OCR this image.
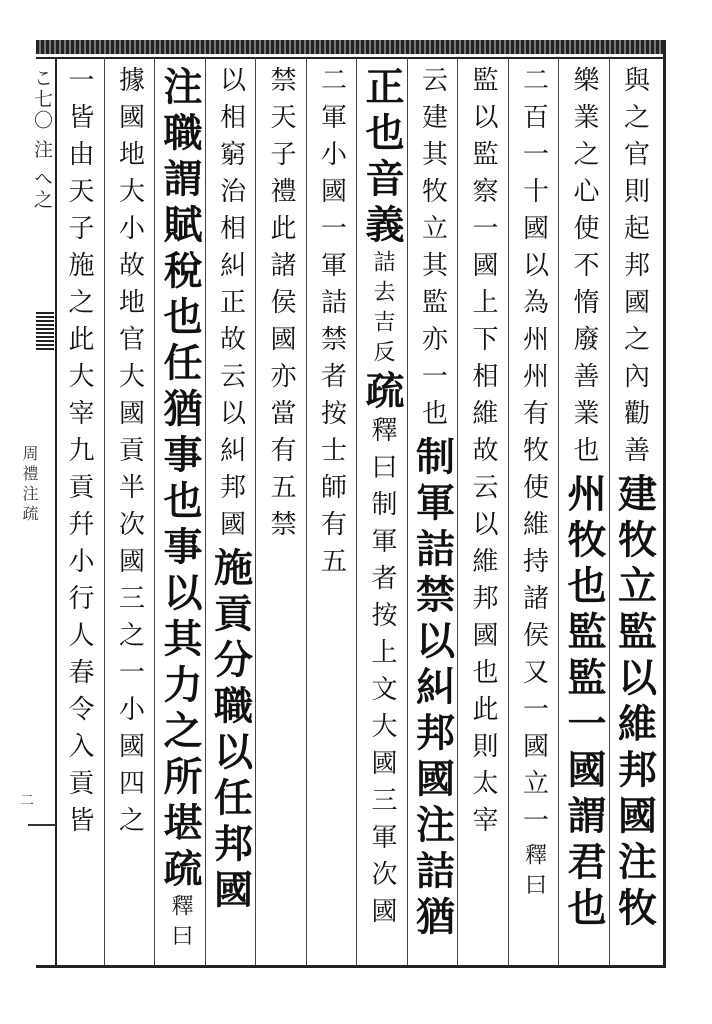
こ七〇 注 へ之
周禮注疏
二
與之官則起邦國之內勸善建牧立監以維邦國注牧
樂業之心使不惰廢善業也州牧也監監一國謂君也
二百一十國以為州州有牧使維持諸侯又一國立一釋曰
監以監察一國上下相維故云以維邦國也此則太宰
云建其牧立其監亦一也制軍詰禁以糾邦國注詰猶
正也音義詰去吉反疏釋曰制軍者按上文大國三軍次國
二軍小國一軍詰禁者按士師有五
禁天子禮此諸侯國亦當有五禁
以相窮治相糾正故云以糾邦國施貢分職以任邦國
注職謂賦稅也任猶事也事以其力之所堪疏釋曰
據國地大小故地官大國貢半次國三之一小國四之
一皆由天子施之此大宰九貢幷小行人春令入貢皆
